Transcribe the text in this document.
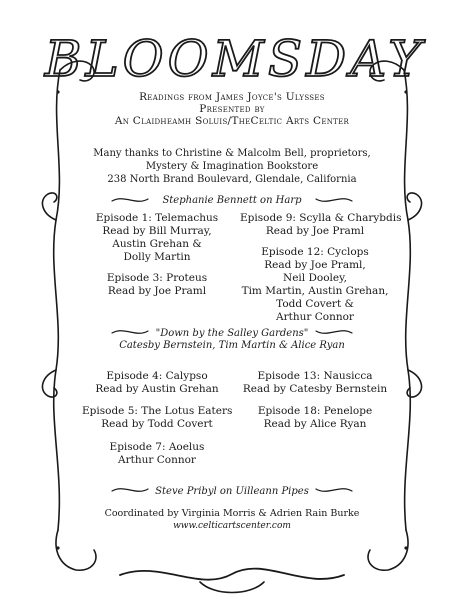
BLOOMSDAY
Readings from James Joyce's Ulysses
Presented by
An Claidheamh Soluis/TheCeltic Arts Center
Many thanks to Christine & Malcolm Bell, proprietors,
Mystery & Imagination Bookstore
238 North Brand Boulevard, Glendale, California
Stephanie Bennett on Harp
Episode 1: Telemachus
Read by Bill Murray,
Austin Grehan &
Dolly Martin
Episode 3: Proteus
Read by Joe Praml
Episode 9: Scylla & Charybdis
Read by Joe Praml
Episode 12: Cyclops
Read by Joe Praml,
Neil Dooley,
Tim Martin, Austin Grehan,
Todd Covert &
Arthur Connor
"Down by the Salley Gardens"
Catesby Bernstein, Tim Martin & Alice Ryan
Episode 4: Calypso
Read by Austin Grehan
Episode 5: The Lotus Eaters
Read by Todd Covert
Episode 7: Aoelus
Arthur Connor
Episode 13: Nausicca
Read by Catesby Bernstein
Episode 18: Penelope
Read by Alice Ryan
Steve Pribyl on Uilleann Pipes
Coordinated by Virginia Morris & Adrien Rain Burke
www.celticartscenter.com
